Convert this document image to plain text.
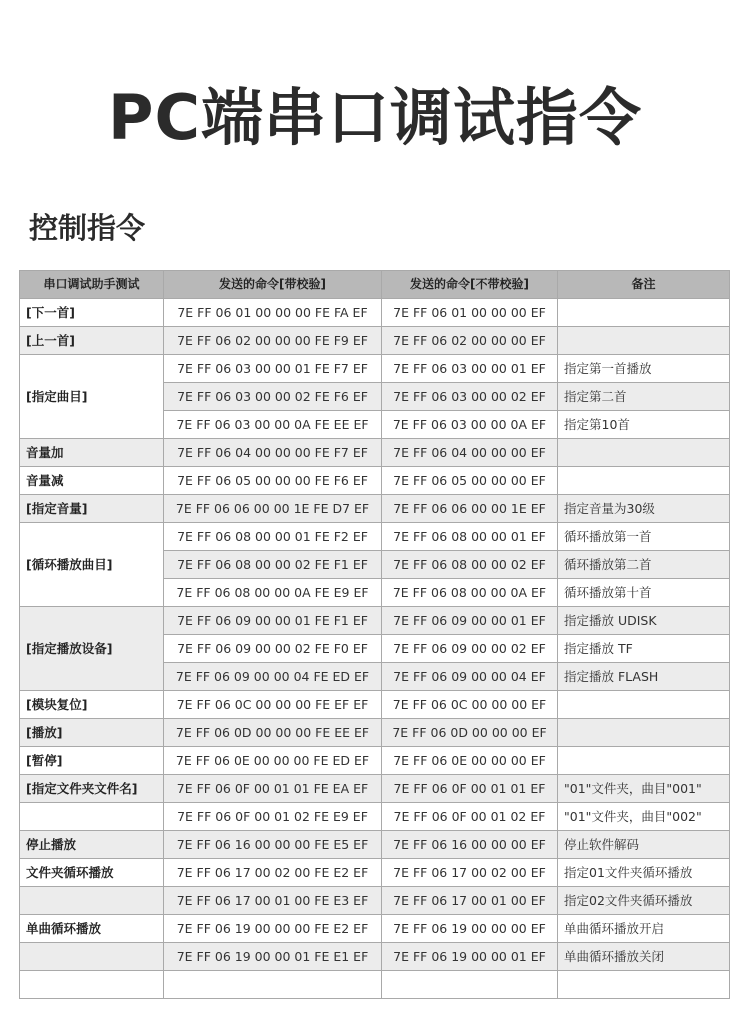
PC端串口调试指令
控制指令
串口调试助手测试	发送的命令[带校验]	发送的命令[不带校验]	备注
[下一首]	7E FF 06 01 00 00 00 FE FA EF	7E FF 06 01 00 00 00 EF	
[上一首]	7E FF 06 02 00 00 00 FE F9 EF	7E FF 06 02 00 00 00 EF	
[指定曲目]	7E FF 06 03 00 00 01 FE F7 EF	7E FF 06 03 00 00 01 EF	指定第一首播放
	7E FF 06 03 00 00 02 FE F6 EF	7E FF 06 03 00 00 02 EF	指定第二首
	7E FF 06 03 00 00 0A FE EE EF	7E FF 06 03 00 00 0A EF	指定第10首
音量加	7E FF 06 04 00 00 00 FE F7 EF	7E FF 06 04 00 00 00 EF	
音量减	7E FF 06 05 00 00 00 FE F6 EF	7E FF 06 05 00 00 00 EF	
[指定音量]	7E FF 06 06 00 00 1E FE D7 EF	7E FF 06 06 00 00 1E EF	指定音量为30级
[循环播放曲目]	7E FF 06 08 00 00 01 FE F2 EF	7E FF 06 08 00 00 01 EF	循环播放第一首
	7E FF 06 08 00 00 02 FE F1 EF	7E FF 06 08 00 00 02 EF	循环播放第二首
	7E FF 06 08 00 00 0A FE E9 EF	7E FF 06 08 00 00 0A EF	循环播放第十首
[指定播放设备]	7E FF 06 09 00 00 01 FE F1 EF	7E FF 06 09 00 00 01 EF	指定播放 UDISK
	7E FF 06 09 00 00 02 FE F0 EF	7E FF 06 09 00 00 02 EF	指定播放 TF
	7E FF 06 09 00 00 04 FE ED EF	7E FF 06 09 00 00 04 EF	指定播放 FLASH
[模块复位]	7E FF 06 0C 00 00 00 FE EF EF	7E FF 06 0C 00 00 00 EF	
[播放]	7E FF 06 0D 00 00 00 FE EE EF	7E FF 06 0D 00 00 00 EF	
[暂停]	7E FF 06 0E 00 00 00 FE ED EF	7E FF 06 0E 00 00 00 EF	
[指定文件夹文件名]	7E FF 06 0F 00 01 01 FE EA EF	7E FF 06 0F 00 01 01 EF	"01"文件夹，曲目"001"
	7E FF 06 0F 00 01 02 FE E9 EF	7E FF 06 0F 00 01 02 EF	"01"文件夹，曲目"002"
停止播放	7E FF 06 16 00 00 00 FE E5 EF	7E FF 06 16 00 00 00 EF	停止软件解码
文件夹循环播放	7E FF 06 17 00 02 00 FE E2 EF	7E FF 06 17 00 02 00 EF	指定01文件夹循环播放
	7E FF 06 17 00 01 00 FE E3 EF	7E FF 06 17 00 01 00 EF	指定02文件夹循环播放
单曲循环播放	7E FF 06 19 00 00 00 FE E2 EF	7E FF 06 19 00 00 00 EF	单曲循环播放开启
	7E FF 06 19 00 00 01 FE E1 EF	7E FF 06 19 00 00 01 EF	单曲循环播放关闭
